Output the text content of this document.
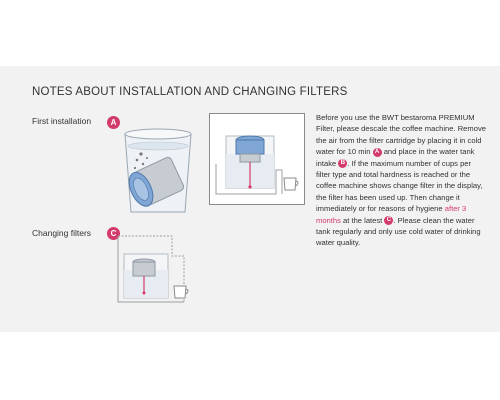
NOTES ABOUT INSTALLATION AND CHANGING FILTERS
First installation	A
Changing filters	C
Before you use the BWT bestaroma PREMIUM Filter, please descale the coffee machine. Remove the air from the filter cartridge by placing it in cold water for 10 min A and place in the water tank intake B . If the maximum number of cups per filter type and total hardness is reached or the coffee machine shows change filter in the display, the filter has been used up. Then change it immediately or for reasons of hygiene after 3 months at the latest C . Please clean the water tank regularly and only use cold water of drinking water quality.
